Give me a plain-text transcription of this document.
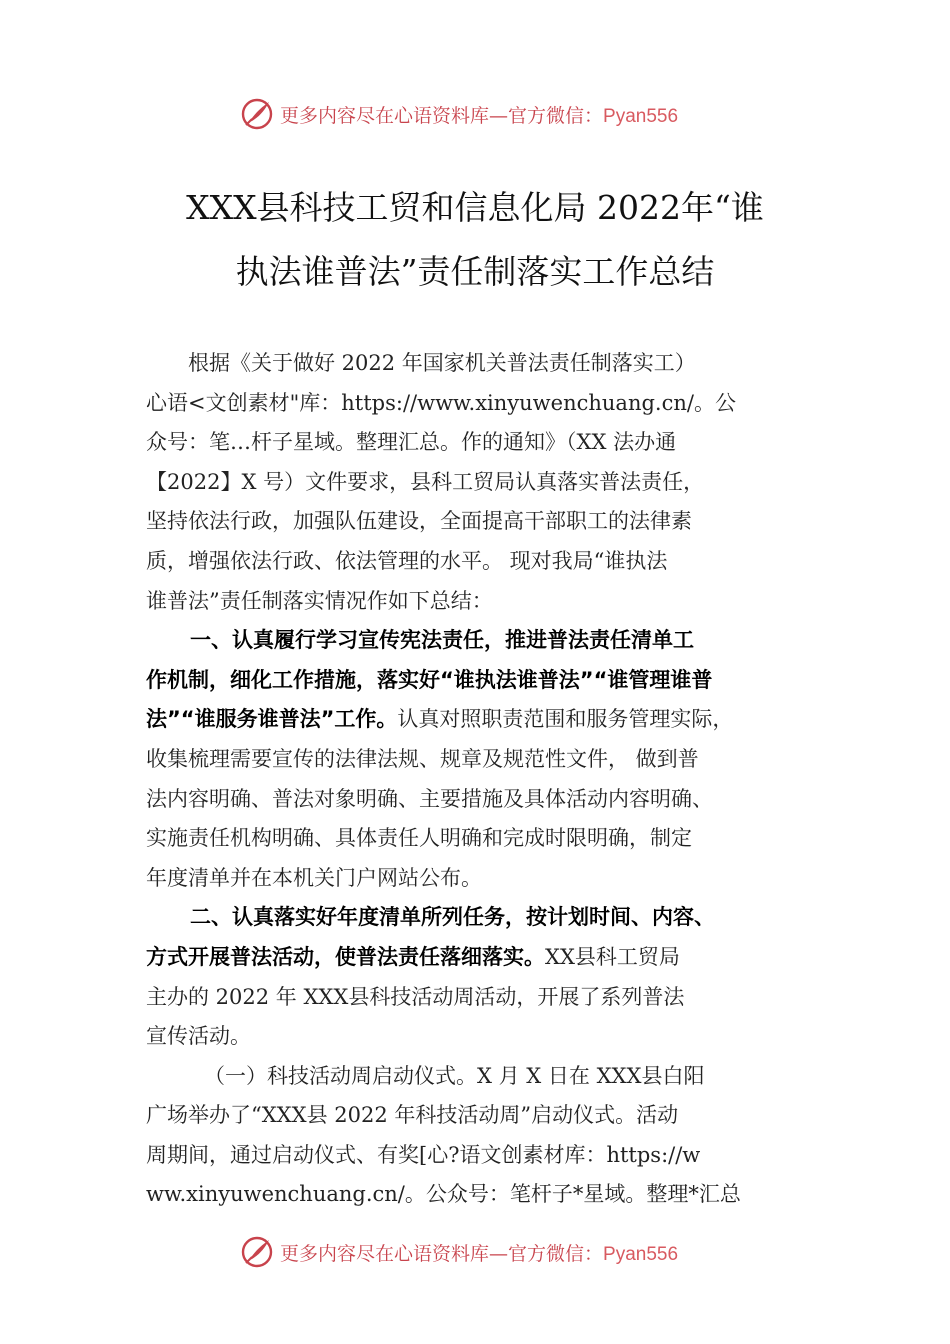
更多内容尽在心语资料库—官方微信：Pyan556
XXX县科技工贸和信息化局 2022年“谁
执法谁普法”责任制落实工作总结
　　根据《关于做好 2022 年国家机关普法责任制落实工）
心语<文创素材"库：https://www.xinyuwenchuang.cn/。公
众号：笔…杆子星域。整理汇总。作的通知》（XX 法办通
【2022】X 号）文件要求，县科工贸局认真落实普法责任，
坚持依法行政，加强队伍建设，全面提高干部职工的法律素
质，增强依法行政、依法管理的水平。 现对我局“谁执法
谁普法”责任制落实情况作如下总结：
一、认真履行学习宣传宪法责任，推进普法责任清单工
作机制，细化工作措施，落实好“谁执法谁普法”“谁管理谁普
法”“谁服务谁普法”工作。认真对照职责范围和服务管理实际，
收集梳理需要宣传的法律法规、规章及规范性文件， 做到普
法内容明确、普法对象明确、主要措施及具体活动内容明确、
实施责任机构明确、具体责任人明确和完成时限明确，制定
年度清单并在本机关门户网站公布。
二、认真落实好年度清单所列任务，按计划时间、内容、
方式开展普法活动，使普法责任落细落实。XX县科工贸局
主办的 2022 年 XXX县科技活动周活动，开展了系列普法
宣传活动。
（一）科技活动周启动仪式。X 月 X 日在 XXX县白阳
广场举办了“XXX县 2022 年科技活动周”启动仪式。活动
周期间，通过启动仪式、有奖[心?语文创素材库：https://w
ww.xinyuwenchuang.cn/。公众号：笔杆子*星域。整理*汇总
更多内容尽在心语资料库—官方微信：Pyan556
